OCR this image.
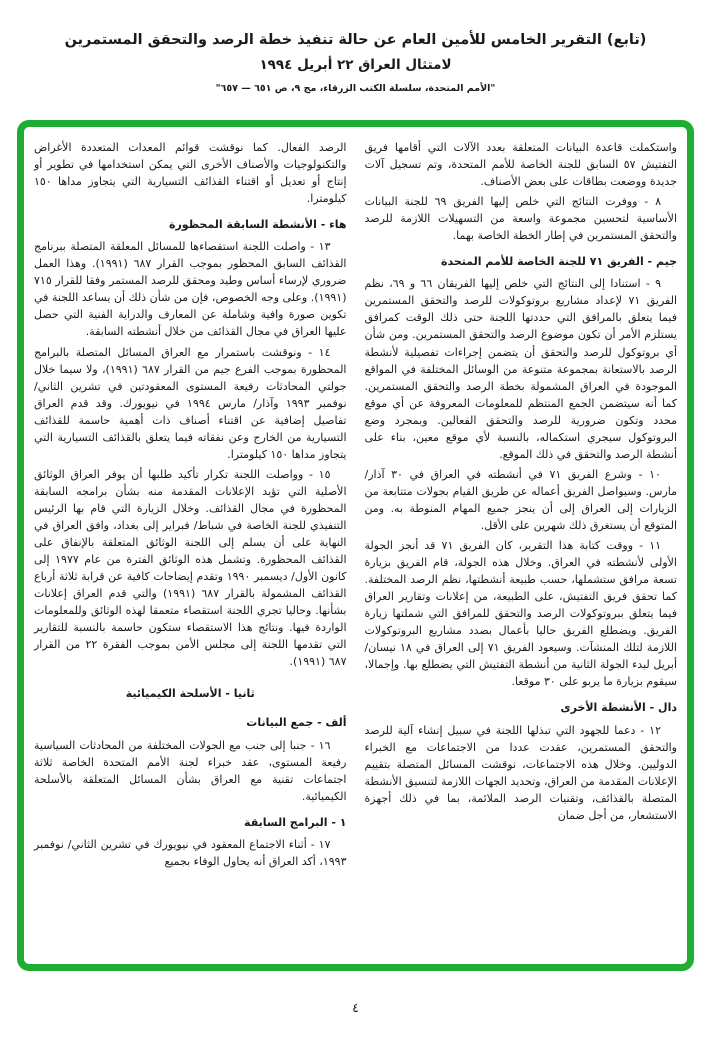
(تابع) التقرير الخامس للأمين العام عن حالة تنفيذ خطة الرصد والتحقق المستمرين
لامتثال العراق ٢٢ أبريل ١٩٩٤
"الأمم المتحدة، سلسلة الكتب الزرقاء، مج ٩، ص ٦٥١ — ٦٥٧"

واستكملت قاعدة البيانات المتعلقة بعدد الآلات التي أقامها فريق التفتيش ٥٧ السابق للجنة الخاصة للأمم المتحدة، وتم تسجيل آلات جديدة ووضعت بطاقات على بعض الأصناف.

٨ - ووفرت النتائج التي خلص إليها الفريق ٦٩ للجنة البيانات الأساسية لتحسين مجموعة واسعة من التسهيلات اللازمة للرصد والتحقق المستمرين في إطار الخطة الخاصة بهما.

جيم - الفريق ٧١ للجنة الخاصة للأمم المتحدة

٩ - استنادا إلى النتائج التي خلص إليها الفريقان ٦٦ و ٦٩، نظم الفريق ٧١ لإعداد مشاريع بروتوكولات للرصد والتحقق المستمرين فيما يتعلق بالمرافق التي حددتها اللجنة حتى ذلك الوقت كمرافق يستلزم الأمر أن تكون موضوع الرصد والتحقق المستمرين. ومن شأن أي بروتوكول للرصد والتحقق أن يتضمن إجراءات تفصيلية لأنشطة الرصد بالاستعانة بمجموعة متنوعة من الوسائل المختلفة في المواقع الموجودة في العراق المشمولة بخطة الرصد والتحقق المستمرين. كما أنه سيتضمن الجمع المنتظم للمعلومات المعروفة عن أي موقع محدد وتكون ضرورية للرصد والتحقق الفعالين. وبمجرد وضع البروتوكول سيجري استكماله، بالنسبة لأي موقع معين، بناء على أنشطة الرصد والتحقق في ذلك الموقع.

١٠ - وشرع الفريق ٧١ في أنشطته في العراق في ٣٠ آذار/ مارس. وسيواصل الفريق أعماله عن طريق القيام بجولات متتابعة من الزيارات إلى العراق إلى أن ينجز جميع المهام المنوطة به. ومن المتوقع أن يستغرق ذلك شهرين على الأقل.

١١ - ووقت كتابة هذا التقرير، كان الفريق ٧١ قد أنجز الجولة الأولى لأنشطته في العراق. وخلال هذه الجولة، قام الفريق بزيارة تسعة مرافق ستشملها، حسب طبيعة أنشطتها، نظم الرصد المختلفة. كما تحقق فريق التفتيش، على الطبيعة، من إعلانات وتقارير العراق فيما يتعلق ببروتوكولات الرصد والتحقق للمرافق التي شملتها زيارة الفريق. ويضطلع الفريق حاليا بأعمال بصدد مشاريع البروتوكولات اللازمة لتلك المنشآت. وسيعود الفريق ٧١ إلى العراق في ١٨ نيسان/ أبريل لبدء الجولة الثانية من أنشطة التفتيش التي يضطلع بها. وإجمالا، سيقوم بزيارة ما يربو على ٣٠ موقعا.

دال - الأنشطة الأخرى

١٢ - دعما للجهود التي تبذلها اللجنة في سبيل إنشاء آلية للرصد والتحقق المستمرين، عقدت عددا من الاجتماعات مع الخبراء الدوليين. وخلال هذه الاجتماعات، نوقشت المسائل المتصلة بتقييم الإعلانات المقدمة من العراق، وتحديد الجهات اللازمة لتنسيق الأنشطة المتصلة بالقذائف، وتقنيات الرصد الملائمة، بما في ذلك أجهزة الاستشعار، من أجل ضمان

الرصد الفعال. كما نوقشت قوائم المعدات المتعددة الأغراض والتكنولوجيات والأصناف الأخرى التي يمكن استخدامها في تطوير أو إنتاج أو تعديل أو اقتناء القذائف التسيارية التي يتجاوز مداها ١٥٠ كيلومترا.

هاء - الأنشطة السابقة المحظورة

١٣ - واصلت اللجنة استقصاءها للمسائل المعلقة المتصلة ببرنامج القذائف السابق المحظور بموجب القرار ٦٨٧ (١٩٩١). وهذا العمل ضروري لإرساء أساس وطيد ومحقق للرصد المستمر وفقا للقرار ٧١٥ (١٩٩١). وعلى وجه الخصوص، فإن من شأن ذلك أن يساعد اللجنة في تكوين صورة وافية وشاملة عن المعارف والدراية الفنية التي حصل عليها العراق في مجال القذائف من خلال أنشطته السابقة.

١٤ - ونوقشت باستمرار مع العراق المسائل المتصلة بالبرامج المحظورة بموجب الفرع جيم من القرار ٦٨٧ (١٩٩١)، ولا سيما خلال جولتي المحادثات رفيعة المستوى المعقودتين في تشرين الثاني/ نوفمبر ١٩٩٣ وآذار/ مارس ١٩٩٤ في نيويورك. وقد قدم العراق تفاصيل إضافية عن اقتناء أصناف ذات أهمية حاسمة للقذائف التسيارية من الخارج وعن نفقاته فيما يتعلق بالقذائف التسيارية التي يتجاوز مداها ١٥٠ كيلومترا.

١٥ - وواصلت اللجنة تكرار تأكيد طلبها أن يوفر العراق الوثائق الأصلية التي تؤيد الإعلانات المقدمة منه بشأن برامجه السابقة المحظورة في مجال القذائف. وخلال الزيارة التي قام بها الرئيس التنفيذي للجنة الخاصة في شباط/ فبراير إلى بغداد، وافق العراق في النهاية على أن يسلم إلى اللجنة الوثائق المتعلقة بالإنفاق على القذائف المحظورة. وتشمل هذه الوثائق الفترة من عام ١٩٧٧ إلى كانون الأول/ ديسمبر ١٩٩٠ وتقدم إيضاحات كافية عن قرابة ثلاثة أرباع القذائف المشمولة بالقرار ٦٨٧ (١٩٩١) والتي قدم العراق إعلانات بشأنها. وحاليا تجري اللجنة استقصاء متعمقا لهذه الوثائق وللمعلومات الواردة فيها. ونتائج هذا الاستقصاء ستكون حاسمة بالنسبة للتقارير التي تقدمها اللجنة إلى مجلس الأمن بموجب الفقرة ٢٢ من القرار ٦٨٧ (١٩٩١).

ثانيا - الأسلحة الكيميائية
ألف - جمع البيانات

١٦ - جنبا إلى جنب مع الجولات المختلفة من المحادثات السياسية رفيعة المستوى، عقد خبراء لجنة الأمم المتحدة الخاصة ثلاثة اجتماعات تقنية مع العراق بشأن المسائل المتعلقة بالأسلحة الكيميائية.

١ - البرامج السابقة

١٧ - أثناء الاجتماع المعقود في نيويورك في تشرين الثاني/ نوفمبر ١٩٩٣، أكد العراق أنه يحاول الوفاء بجميع

٤
